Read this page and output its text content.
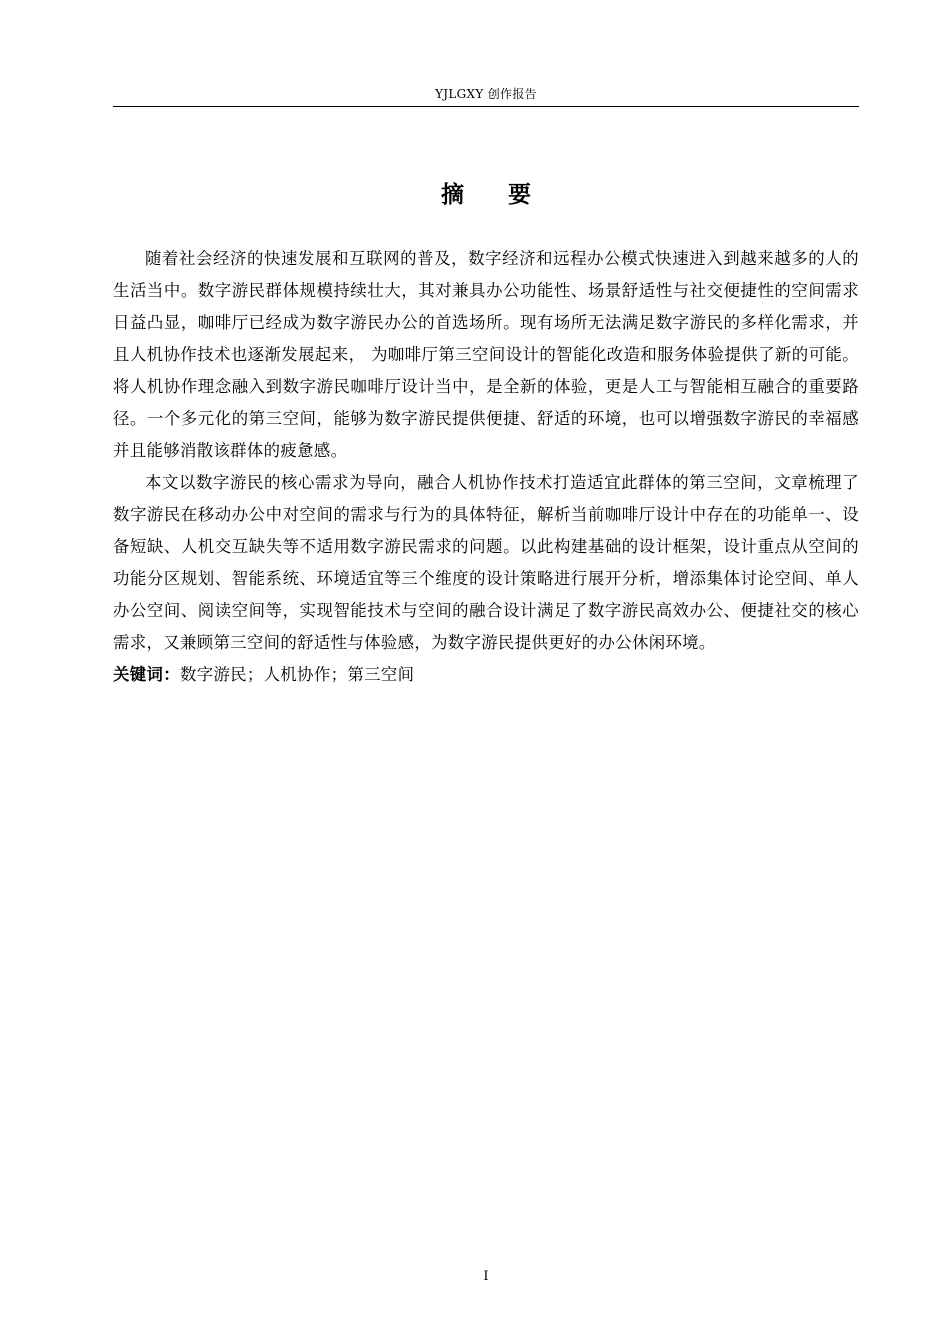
YJLGXY 创作报告
摘要

随着社会经济的快速发展和互联网的普及，数字经济和远程办公模式快速进入到越来越多的人的生活当中。数字游民群体规模持续壮大，其对兼具办公功能性、场景舒适性与社交便捷性的空间需求日益凸显，咖啡厅已经成为数字游民办公的首选场所。现有场所无法满足数字游民的多样化需求，并且人机协作技术也逐渐发展起来， 为咖啡厅第三空间设计的智能化改造和服务体验提供了新的可能。将人机协作理念融入到数字游民咖啡厅设计当中，是全新的体验，更是人工与智能相互融合的重要路径。一个多元化的第三空间，能够为数字游民提供便捷、舒适的环境，也可以增强数字游民的幸福感并且能够消散该群体的疲惫感。

本文以数字游民的核心需求为导向，融合人机协作技术打造适宜此群体的第三空间，文章梳理了数字游民在移动办公中对空间的需求与行为的具体特征，解析当前咖啡厅设计中存在的功能单一、设备短缺、人机交互缺失等不适用数字游民需求的问题。以此构建基础的设计框架，设计重点从空间的功能分区规划、智能系统、环境适宜等三个维度的设计策略进行展开分析，增添集体讨论空间、单人办公空间、阅读空间等，实现智能技术与空间的融合设计满足了数字游民高效办公、便捷社交的核心需求，又兼顾第三空间的舒适性与体验感，为数字游民提供更好的办公休闲环境。

关键词：数字游民；人机协作；第三空间

I
